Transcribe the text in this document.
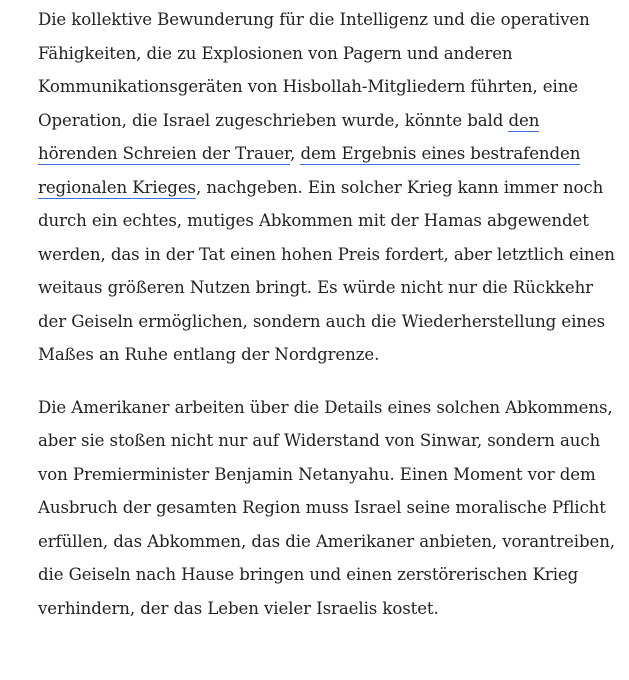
Die kollektive Bewunderung für die Intelligenz und die operativen Fähigkeiten, die zu Explosionen von Pagern und anderen Kommunikationsgeräten von Hisbollah-Mitgliedern führten, eine Operation, die Israel zugeschrieben wurde, könnte bald den hörenden Schreien der Trauer, dem Ergebnis eines bestrafenden regionalen Krieges, nachgeben. Ein solcher Krieg kann immer noch durch ein echtes, mutiges Abkommen mit der Hamas abgewendet werden, das in der Tat einen hohen Preis fordert, aber letztlich einen weitaus größeren Nutzen bringt. Es würde nicht nur die Rückkehr der Geiseln ermöglichen, sondern auch die Wiederherstellung eines Maßes an Ruhe entlang der Nordgrenze.

Die Amerikaner arbeiten über die Details eines solchen Abkommens, aber sie stoßen nicht nur auf Widerstand von Sinwar, sondern auch von Premierminister Benjamin Netanyahu. Einen Moment vor dem Ausbruch der gesamten Region muss Israel seine moralische Pflicht erfüllen, das Abkommen, das die Amerikaner anbieten, vorantreiben, die Geiseln nach Hause bringen und einen zerstörerischen Krieg verhindern, der das Leben vieler Israelis kostet.
